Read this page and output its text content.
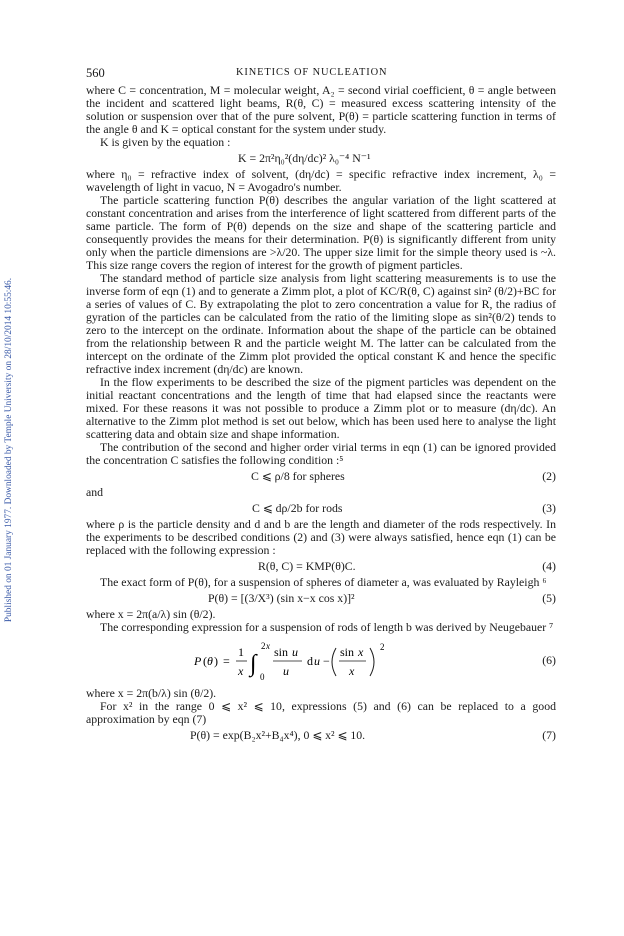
Published on 01 January 1977. Downloaded by Temple University on 28/10/2014 10:55:46.
560	KINETICS OF NUCLEATION

where C = concentration, M = molecular weight, A₂ = second virial coefficient, θ = angle between the incident and scattered light beams, R(θ, C) = measured excess scattering intensity of the solution or suspension over that of the pure solvent, P(θ) = particle scattering function in terms of the angle θ and K = optical constant for the system under study.

K is given by the equation :

K = 2π²η₀²(dη/dc)² λ₀⁻⁴ N⁻¹

where η₀ = refractive index of solvent, (dη/dc) = specific refractive index increment, λ₀ = wavelength of light in vacuo, N = Avogadro's number.

The particle scattering function P(θ) describes the angular variation of the light scattered at constant concentration and arises from the interference of light scattered from different parts of the same particle. The form of P(θ) depends on the size and shape of the scattering particle and consequently provides the means for their determination. P(θ) is significantly different from unity only when the particle dimensions are >λ/20. The upper size limit for the simple theory used is ~λ. This size range covers the region of interest for the growth of pigment particles.

The standard method of particle size analysis from light scattering measurements is to use the inverse form of eqn (1) and to generate a Zimm plot, a plot of KC/R(θ, C) against sin² (θ/2)+BC for a series of values of C. By extrapolating the plot to zero concentration a value for R, the radius of gyration of the particles can be calculated from the ratio of the limiting slope as sin²(θ/2) tends to zero to the intercept on the ordinate. Information about the shape of the particle can be obtained from the relationship between R and the particle weight M. The latter can be calculated from the intercept on the ordinate of the Zimm plot provided the optical constant K and hence the specific refractive index increment (dη/dc) are known.

In the flow experiments to be described the size of the pigment particles was dependent on the initial reactant concentrations and the length of time that had elapsed since the reactants were mixed. For these reasons it was not possible to produce a Zimm plot or to measure (dη/dc). An alternative to the Zimm plot method is set out below, which has been used here to analyse the light scattering data and obtain size and shape information.

The contribution of the second and higher order virial terms in eqn (1) can be ignored provided the concentration C satisfies the following condition :⁵

C ⩽ ρ/8 for spheres	(2)

and

C ⩽ dρ/2b for rods	(3)

where ρ is the particle density and d and b are the length and diameter of the rods respectively. In the experiments to be described conditions (2) and (3) were always satisfied, hence eqn (1) can be replaced with the following expression :

R(θ, C) = KMP(θ)C.	(4)

The exact form of P(θ), for a suspension of spheres of diameter a, was evaluated by Rayleigh ⁶

P(θ) = [(3/X³) (sin x−x cos x)]²	(5)

where x = 2π(a/λ) sin (θ/2).

The corresponding expression for a suspension of rods of length b was derived by Neugebauer ⁷

P ( θ ) =
1
x ∫
2 x
0
sin u
u
d u −
sin x
x
2
(6)

where x = 2π(b/λ) sin (θ/2).

For x² in the range 0 ⩽ x² ⩽ 10, expressions (5) and (6) can be replaced to a good approximation by eqn (7)

P(θ) = exp(B₂x²+B₄x⁴), 0 ⩽ x² ⩽ 10.	(7)
